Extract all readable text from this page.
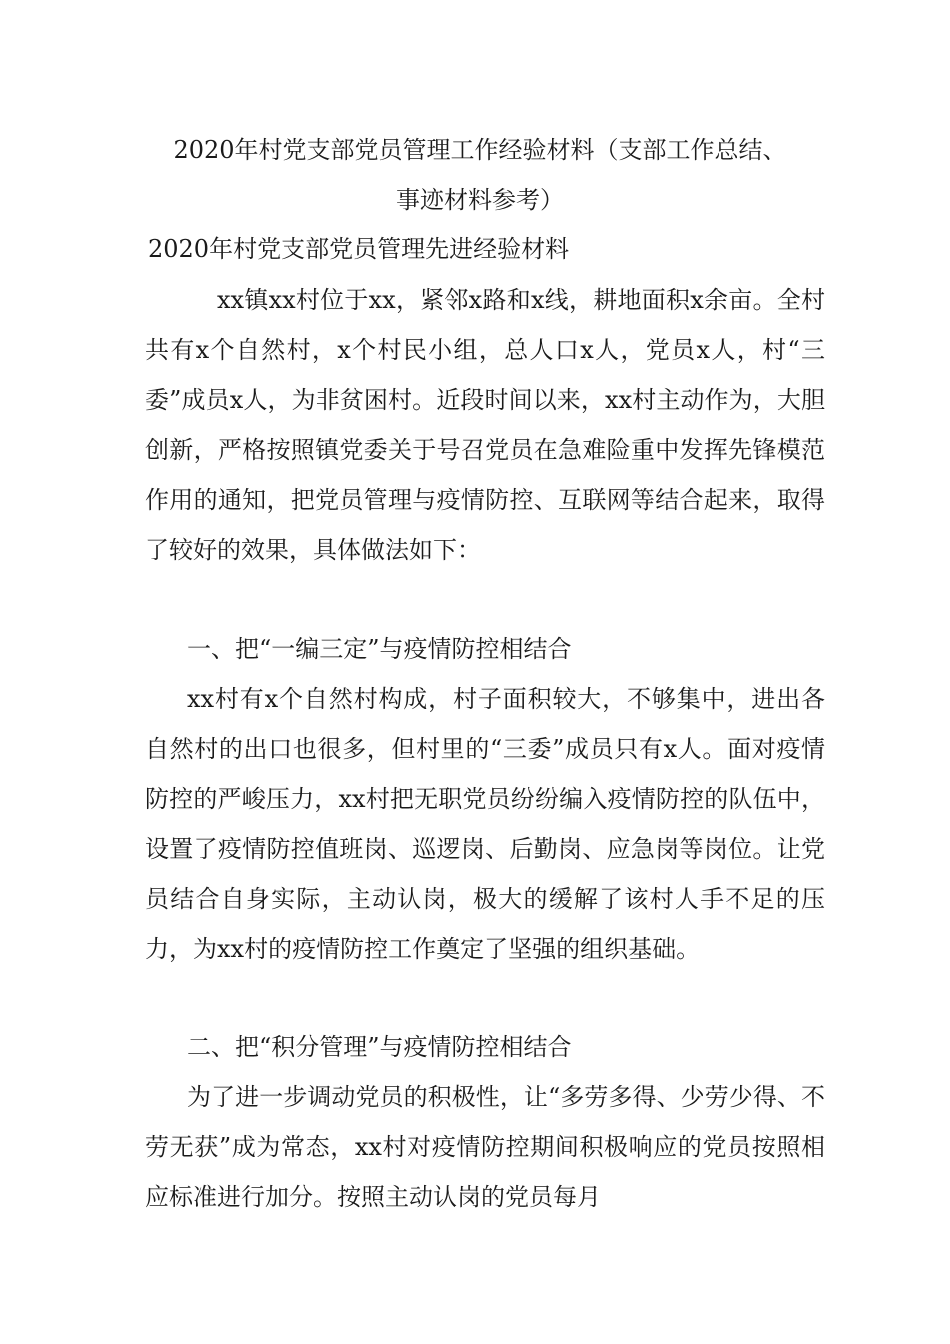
2020年村党支部党员管理工作经验材料（支部工作总结、
事迹材料参考）
2020年村党支部党员管理先进经验材料

xx镇xx村位于xx，紧邻x路和x线，耕地面积x余亩。全村共有x个自然村，x个村民小组，总人口x人，党员x人，村“三委”成员x人，为非贫困村。近段时间以来，xx村主动作为，大胆创新，严格按照镇党委关于号召党员在急难险重中发挥先锋模范作用的通知，把党员管理与疫情防控、互联网等结合起来，取得了较好的效果，具体做法如下：

一、把“一编三定”与疫情防控相结合

xx村有x个自然村构成，村子面积较大，不够集中，进出各自然村的出口也很多，但村里的“三委”成员只有x人。面对疫情防控的严峻压力，xx村把无职党员纷纷编入疫情防控的队伍中，设置了疫情防控值班岗、巡逻岗、后勤岗、应急岗等岗位。让党员结合自身实际，主动认岗，极大的缓解了该村人手不足的压力，为xx村的疫情防控工作奠定了坚强的组织基础。

二、把“积分管理”与疫情防控相结合

为了进一步调动党员的积极性，让“多劳多得、少劳少得、不劳无获”成为常态，xx村对疫情防控期间积极响应的党员按照相应标准进行加分。按照主动认岗的党员每月
